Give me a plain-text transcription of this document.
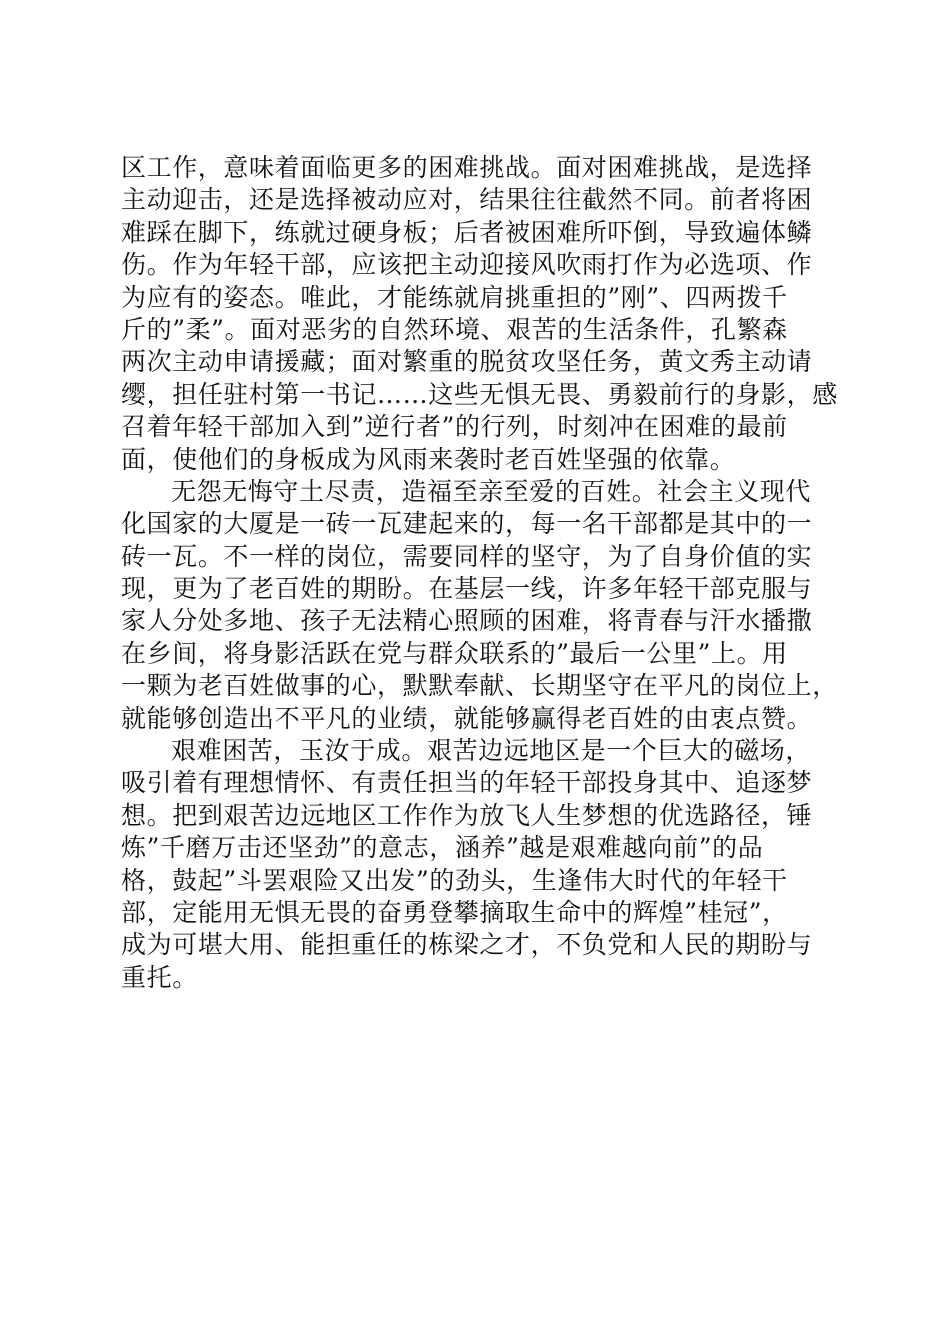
区工作，意味着面临更多的困难挑战。面对困难挑战，是选择
主动迎击，还是选择被动应对，结果往往截然不同。前者将困
难踩在脚下，练就过硬身板；后者被困难所吓倒，导致遍体鳞
伤。作为年轻干部，应该把主动迎接风吹雨打作为必选项、作
为应有的姿态。唯此，才能练就肩挑重担的”刚”、四两拨千
斤的”柔”。面对恶劣的自然环境、艰苦的生活条件，孔繁森
两次主动申请援藏；面对繁重的脱贫攻坚任务，黄文秀主动请
缨，担任驻村第一书记……这些无惧无畏、勇毅前行的身影，感
召着年轻干部加入到”逆行者”的行列，时刻冲在困难的最前
面，使他们的身板成为风雨来袭时老百姓坚强的依靠。
无怨无悔守土尽责，造福至亲至爱的百姓。社会主义现代
化国家的大厦是一砖一瓦建起来的，每一名干部都是其中的一
砖一瓦。不一样的岗位，需要同样的坚守，为了自身价值的实
现，更为了老百姓的期盼。在基层一线，许多年轻干部克服与
家人分处多地、孩子无法精心照顾的困难，将青春与汗水播撒
在乡间，将身影活跃在党与群众联系的”最后一公里”上。用
一颗为老百姓做事的心，默默奉献、长期坚守在平凡的岗位上，
就能够创造出不平凡的业绩，就能够赢得老百姓的由衷点赞。
艰难困苦，玉汝于成。艰苦边远地区是一个巨大的磁场，
吸引着有理想情怀、有责任担当的年轻干部投身其中、追逐梦
想。把到艰苦边远地区工作作为放飞人生梦想的优选路径，锤
炼”千磨万击还坚劲”的意志，涵养”越是艰难越向前”的品
格，鼓起”斗罢艰险又出发”的劲头，生逢伟大时代的年轻干
部，定能用无惧无畏的奋勇登攀摘取生命中的辉煌”桂冠”，
成为可堪大用、能担重任的栋梁之才，不负党和人民的期盼与
重托。
